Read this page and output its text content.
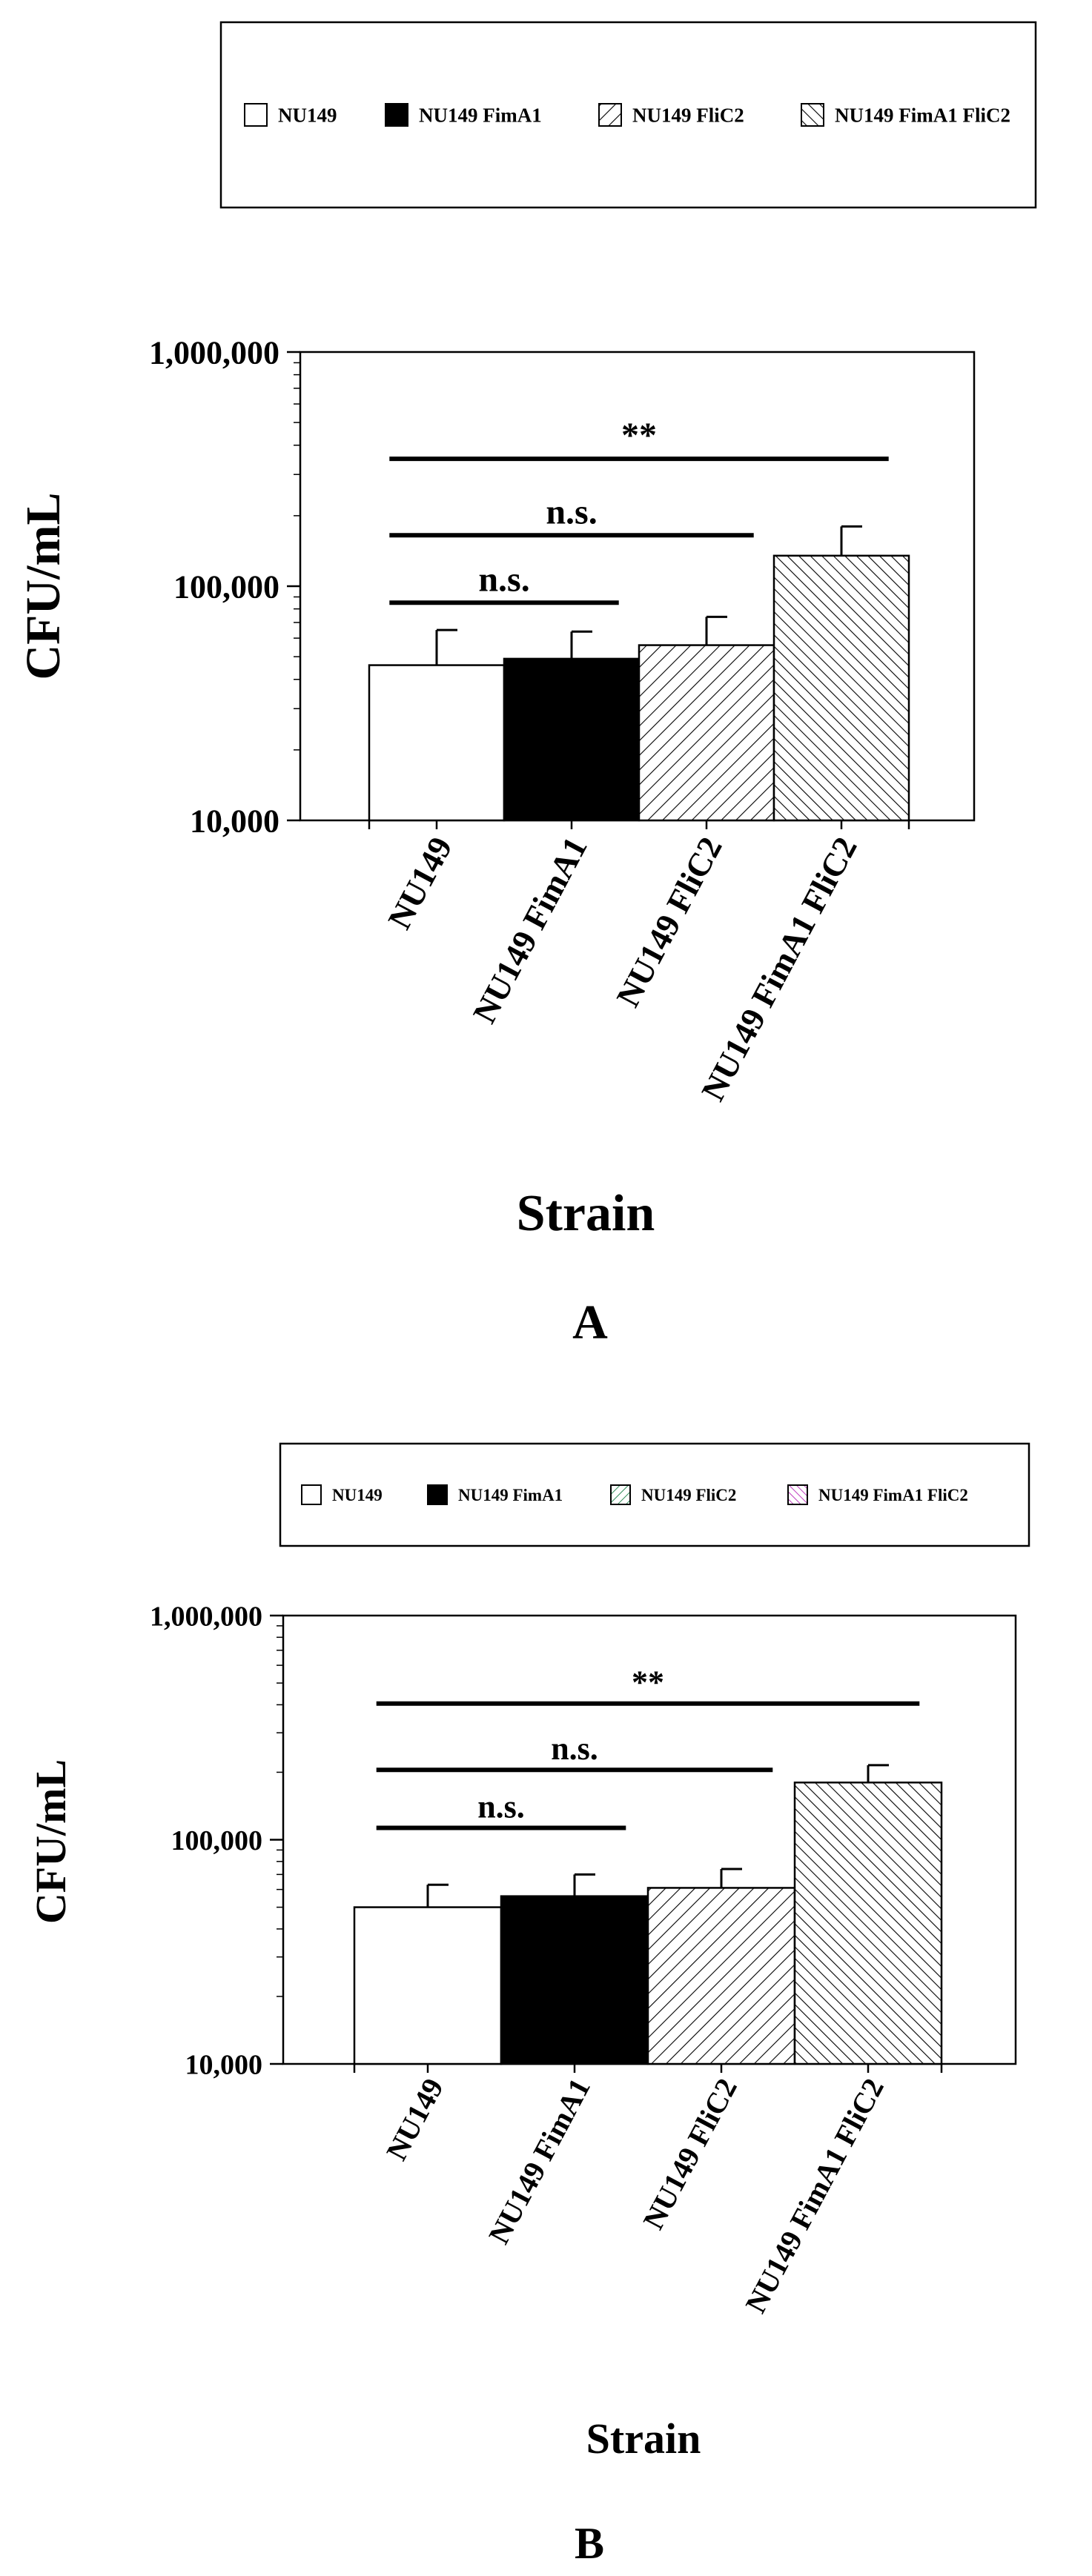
NU149	NU149 FimA1	NU149 FliC2	NU149 FimA1 FliC2
10,000
100,000
1,000,000
NU149 NU149 FimA1 NU149 FliC2
NU149 FimA1 FliC2
n.s.
n.s.
**
CFU/mL
Strain
A
NU149	NU149 FimA1	NU149 FliC2	NU149 FimA1 FliC2
10,000
100,000
1,000,000
NU149 NU149 FimA1 NU149 FliC2
NU149 FimA1 FliC2
n.s.
n.s.
**
CFU/mL
Strain
B
